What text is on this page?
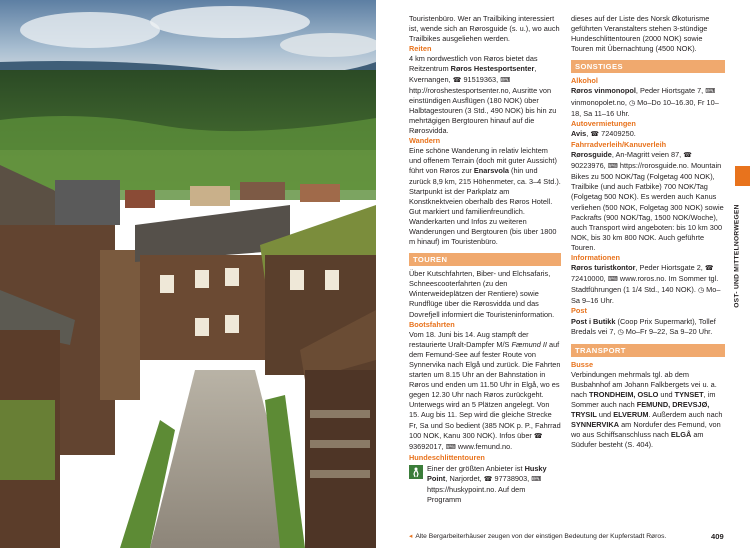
Touristenbüro. Wer an Trailbiking interessiert ist, wende sich an Rørosguide (s. u.), wo auch Trailbikes ausgeliehen werden.

Reiten

4 km nordwestlich von Røros bietet das Reitzentrum Røros Hestesportsenter, Kvernangen, ☎ 91519363, ⌨ http://roroshestesportsenter.no, Ausritte von einstündigen Ausflügen (180 NOK) über Halbtagestouren (3 Std., 490 NOK) bis hin zu mehrtägigen Bergtouren hinauf auf die Rørosvidda.

Wandern

Eine schöne Wanderung in relativ leichtem und offenem Terrain (doch mit guter Aussicht) führt von Røros zur Enarsvola (hin und zurück 8,9 km, 215 Höhenmeter, ca. 3–4 Std.). Startpunkt ist der Parkplatz am Konstknektveien oberhalb des Røros Hotell. Gut markiert und familienfreundlich. Wanderkarten und Infos zu weiteren Wanderungen und Bergtouren (bis über 1800 m hinauf) im Touristenbüro.

TOUREN

Über Kutschfahrten, Biber- und Elchsafaris, Schneescooterfahrten (zu den Winterweideplätzen der Rentiere) sowie Rundflüge über die Rørosvidda und das Dovrefjell informiert die Touristeninformation.

Bootsfahrten

Vom 18. Juni bis 14. Aug stampft der restaurierte Uralt-Dampfer M/S Fæmund II auf dem Femund-See auf fester Route von Synnervika nach Elgå und zurück. Die Fahrten starten um 8.15 Uhr an der Bahnstation in Røros und enden um 11.50 Uhr in Elgå, wo es gegen 12.30 Uhr nach Røros zurückgeht. Unterwegs wird an 5 Plätzen angelegt. Von 15. Aug bis 11. Sep wird die gleiche Strecke Fr, Sa und So bedient (385 NOK p. P., Fahrrad 100 NOK, Kanu 300 NOK). Infos über ☎ 93692017, ⌨ www.femund.no.

Hundeschlittentouren

Einer der größten Anbieter ist Husky Point, Narjordet, ☎ 97738903, ⌨ https://huskypoint.no. Auf dem Programm

dieses auf der Liste des Norsk Økoturisme geführten Veranstalters stehen 3-stündige Hundeschlittentouren (2000 NOK) sowie Touren mit Übernachtung (4500 NOK).

SONSTIGES

Alkohol

Røros vinmonopol, Peder Hiortsgate 7, ⌨ vinmonopolet.no, ◷ Mo–Do 10–16.30, Fr 10–18, Sa 11–16 Uhr.

Autovermietungen

Avis, ☎ 72409250.

Fahrradverleih/Kanuverleih

Rørosguide, An-Magritt veien 87, ☎ 90223976, ⌨ https://rorosguide.no. Mountain Bikes zu 500 NOK/Tag (Folgetag 400 NOK), Trailbike (und auch Fatbike) 700 NOK/Tag (Folgetag 500 NOK). Es werden auch Kanus verliehen (500 NOK, Folgetag 300 NOK) sowie Packrafts (900 NOK/Tag, 1500 NOK/Woche), auch Transport wird angeboten: bis 10 km 300 NOK, bis 30 km 800 NOK. Auch geführte Touren.

Informationen

Røros turistkontor, Peder Hiortsgate 2, ☎ 72410000, ⌨ www.roros.no. Im Sommer tgl. Stadtführungen (1 1/4 Std., 140 NOK). ◷ Mo–Sa 9–16 Uhr.

Post

Post i Butikk (Coop Prix Supermarkt), Tollef Bredals vei 7, ◷ Mo–Fr 9–22, Sa 9–20 Uhr.

TRANSPORT

Busse

Verbindungen mehrmals tgl. ab dem Busbahnhof am Johann Falkbergets vei u. a. nach TRONDHEIM, OSLO und TYNSET, im Sommer auch nach FEMUND, DREVSJØ, TRYSIL und ELVERUM. Außerdem auch nach SYNNERVIKA am Nordufer des Femund, von wo aus Schiffsanschluss nach ELGÅ am Südufer besteht (S. 404).

OST- UND MITTELNORWEGEN
◂ Alte Bergarbeiterhäuser zeugen von der einstigen Bedeutung der Kupferstadt Røros.	409
